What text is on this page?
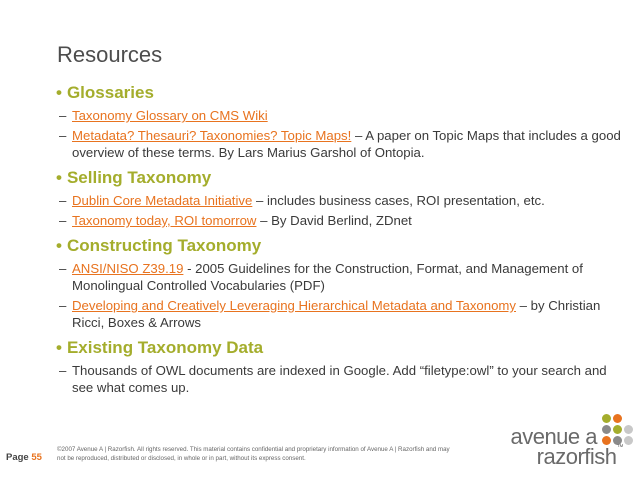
Resources
• Glossaries
– Taxonomy Glossary on CMS Wiki
– Metadata? Thesauri? Taxonomies? Topic Maps! – A paper on Topic Maps that includes a good overview of these terms. By Lars Marius Garshol of Ontopia.
• Selling Taxonomy
– Dublin Core Metadata Initiative – includes business cases, ROI presentation, etc.
– Taxonomy today, ROI tomorrow – By David Berlind, ZDnet
• Constructing Taxonomy
– ANSI/NISO Z39.19 - 2005 Guidelines for the Construction, Format, and Management of Monolingual Controlled Vocabularies (PDF)
– Developing and Creatively Leveraging Hierarchical Metadata and Taxonomy – by Christian Ricci, Boxes & Arrows
• Existing Taxonomy Data
– Thousands of OWL documents are indexed in Google. Add “filetype:owl” to your search and see what comes up.
Page 55
©2007 Avenue A | Razorfish. All rights reserved. This material contains confidential and proprietary information of Avenue A | Razorfish and may not be reproduced, distributed or disclosed, in whole or in part, without its express consent.
avenue a
razorfish™
